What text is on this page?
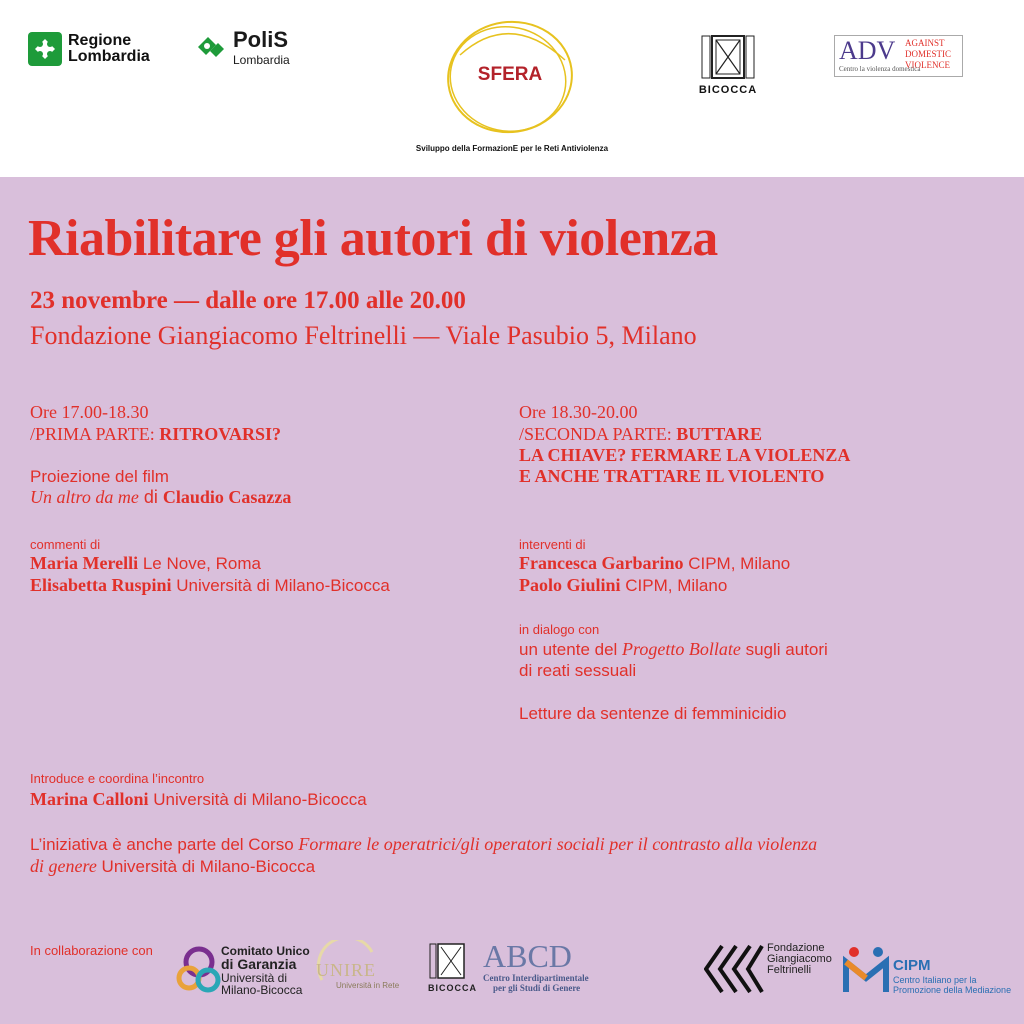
Regione
Lombardia
PoliS
Lombardia
SFERA
Sviluppo della FormazionE per le Reti Antiviolenza
BICOCCA
ADV AGAINST
DOMESTIC
VIOLENCE
Centro la violenza domestica
Riabilitare gli autori di violenza
23 novembre — dalle ore 17.00 alle 20.00
Fondazione Giangiacomo Feltrinelli — Viale Pasubio 5, Milano
Ore 17.00-18.30
/PRIMA PARTE: RITROVARSI?
Proiezione del film
Un altro da me di Claudio Casazza
commenti di
Maria Merelli Le Nove, Roma
Elisabetta Ruspini Università di Milano-Bicocca
Ore 18.30-20.00
/SECONDA PARTE: BUTTARE
LA CHIAVE? FERMARE LA VIOLENZA
E ANCHE TRATTARE IL VIOLENTO
interventi di
Francesca Garbarino CIPM, Milano
Paolo Giulini CIPM, Milano
in dialogo con
un utente del Progetto Bollate sugli autori
di reati sessuali
Letture da sentenze di femminicidio
Introduce e coordina l’incontro
Marina Calloni Università di Milano-Bicocca
L’iniziativa è anche parte del Corso Formare le operatrici/gli operatori sociali per il contrasto alla violenza
di genere Università di Milano-Bicocca
In collaborazione con	Comitato Unico
di Garanzia
Università di
Milano-Bicocca
UNIRE
Università in Rete	BICOCCA
ABCD
Centro Interdipartimentale
per gli Studi di Genere
Fondazione
Giangiacomo
Feltrinelli	CIPM
Centro Italiano per la
Promozione della Mediazione
